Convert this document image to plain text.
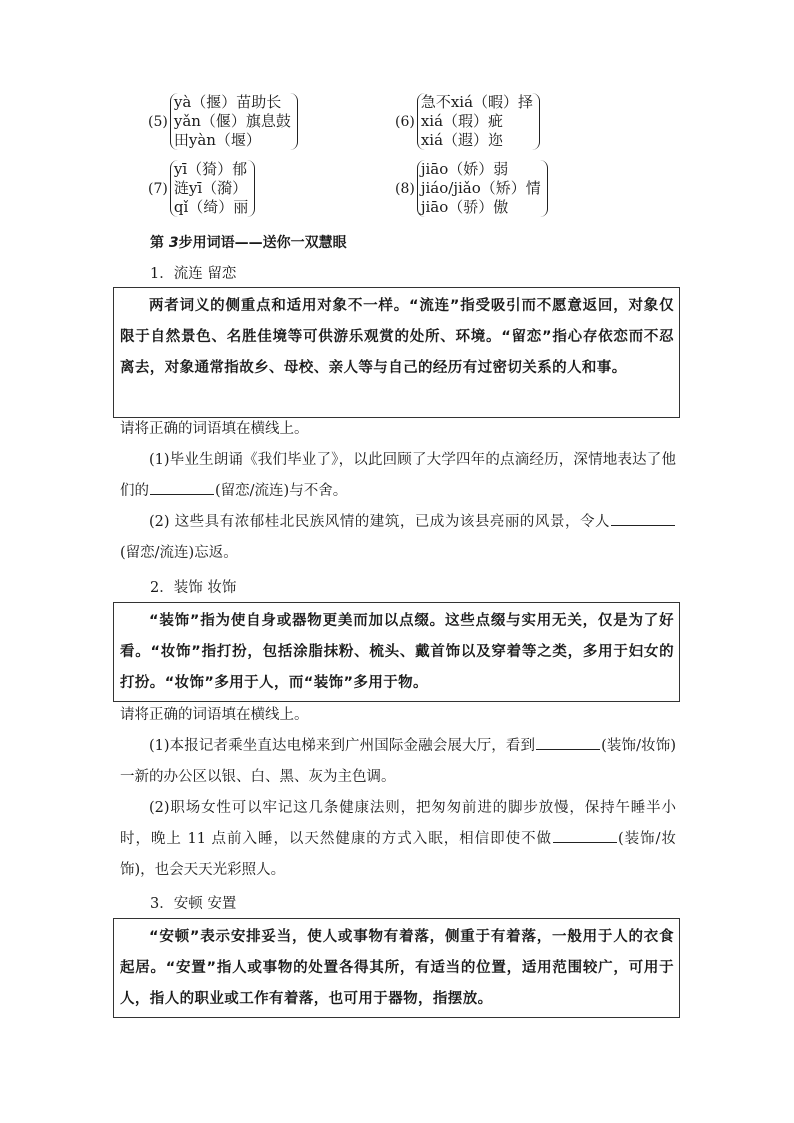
(5)
yà（揠）苗助长
yǎn（偃）旗息鼓
田yàn（堰）
(6)
急不xiá（暇）择
xiá（瑕）疵
xiá（遐）迩
(7)
yī（猗）郁
涟yī（漪）
qǐ（绮）丽
(8)
jiāo（娇）弱
jiáo/jiǎo（矫）情
jiāo（骄）傲
第 3步用词语——送你一双慧眼
1．流连 留恋
两者词义的侧重点和适用对象不一样。“流连”指受吸引而不愿意返回，对象仅限于自然景色、名胜佳境等可供游乐观赏的处所、环境。“留恋”指心存依恋而不忍离去，对象通常指故乡、母校、亲人等与自己的经历有过密切关系的人和事。
请将正确的词语填在横线上。
(1)毕业生朗诵《我们毕业了》，以此回顾了大学四年的点滴经历，深情地表达了他们的	(留恋/流连)与不舍。
(2) 这些具有浓郁桂北民族风情的建筑，已成为该县亮丽的风景，令人(留恋/流连)忘返。
2．装饰 妆饰
“装饰”指为使自身或器物更美而加以点缀。这些点缀与实用无关，仅是为了好看。“妆饰”指打扮，包括涂脂抹粉、梳头、戴首饰以及穿着等之类，多用于妇女的打扮。“妆饰”多用于人，而“装饰”多用于物。
请将正确的词语填在横线上。
(1)本报记者乘坐直达电梯来到广州国际金融会展大厅，看到	(装饰/妆饰)一新的办公区以银、白、黑、灰为主色调。
(2)职场女性可以牢记这几条健康法则，把匆匆前进的脚步放慢，保持午睡半小时，晚上 11 点前入睡，以天然健康的方式入眠，相信即使不做	(装饰/妆饰)，也会天天光彩照人。
3．安顿 安置
“安顿”表示安排妥当，使人或事物有着落，侧重于有着落，一般用于人的衣食起居。“安置”指人或事物的处置各得其所，有适当的位置，适用范围较广，可用于人，指人的职业或工作有着落，也可用于器物，指摆放。
